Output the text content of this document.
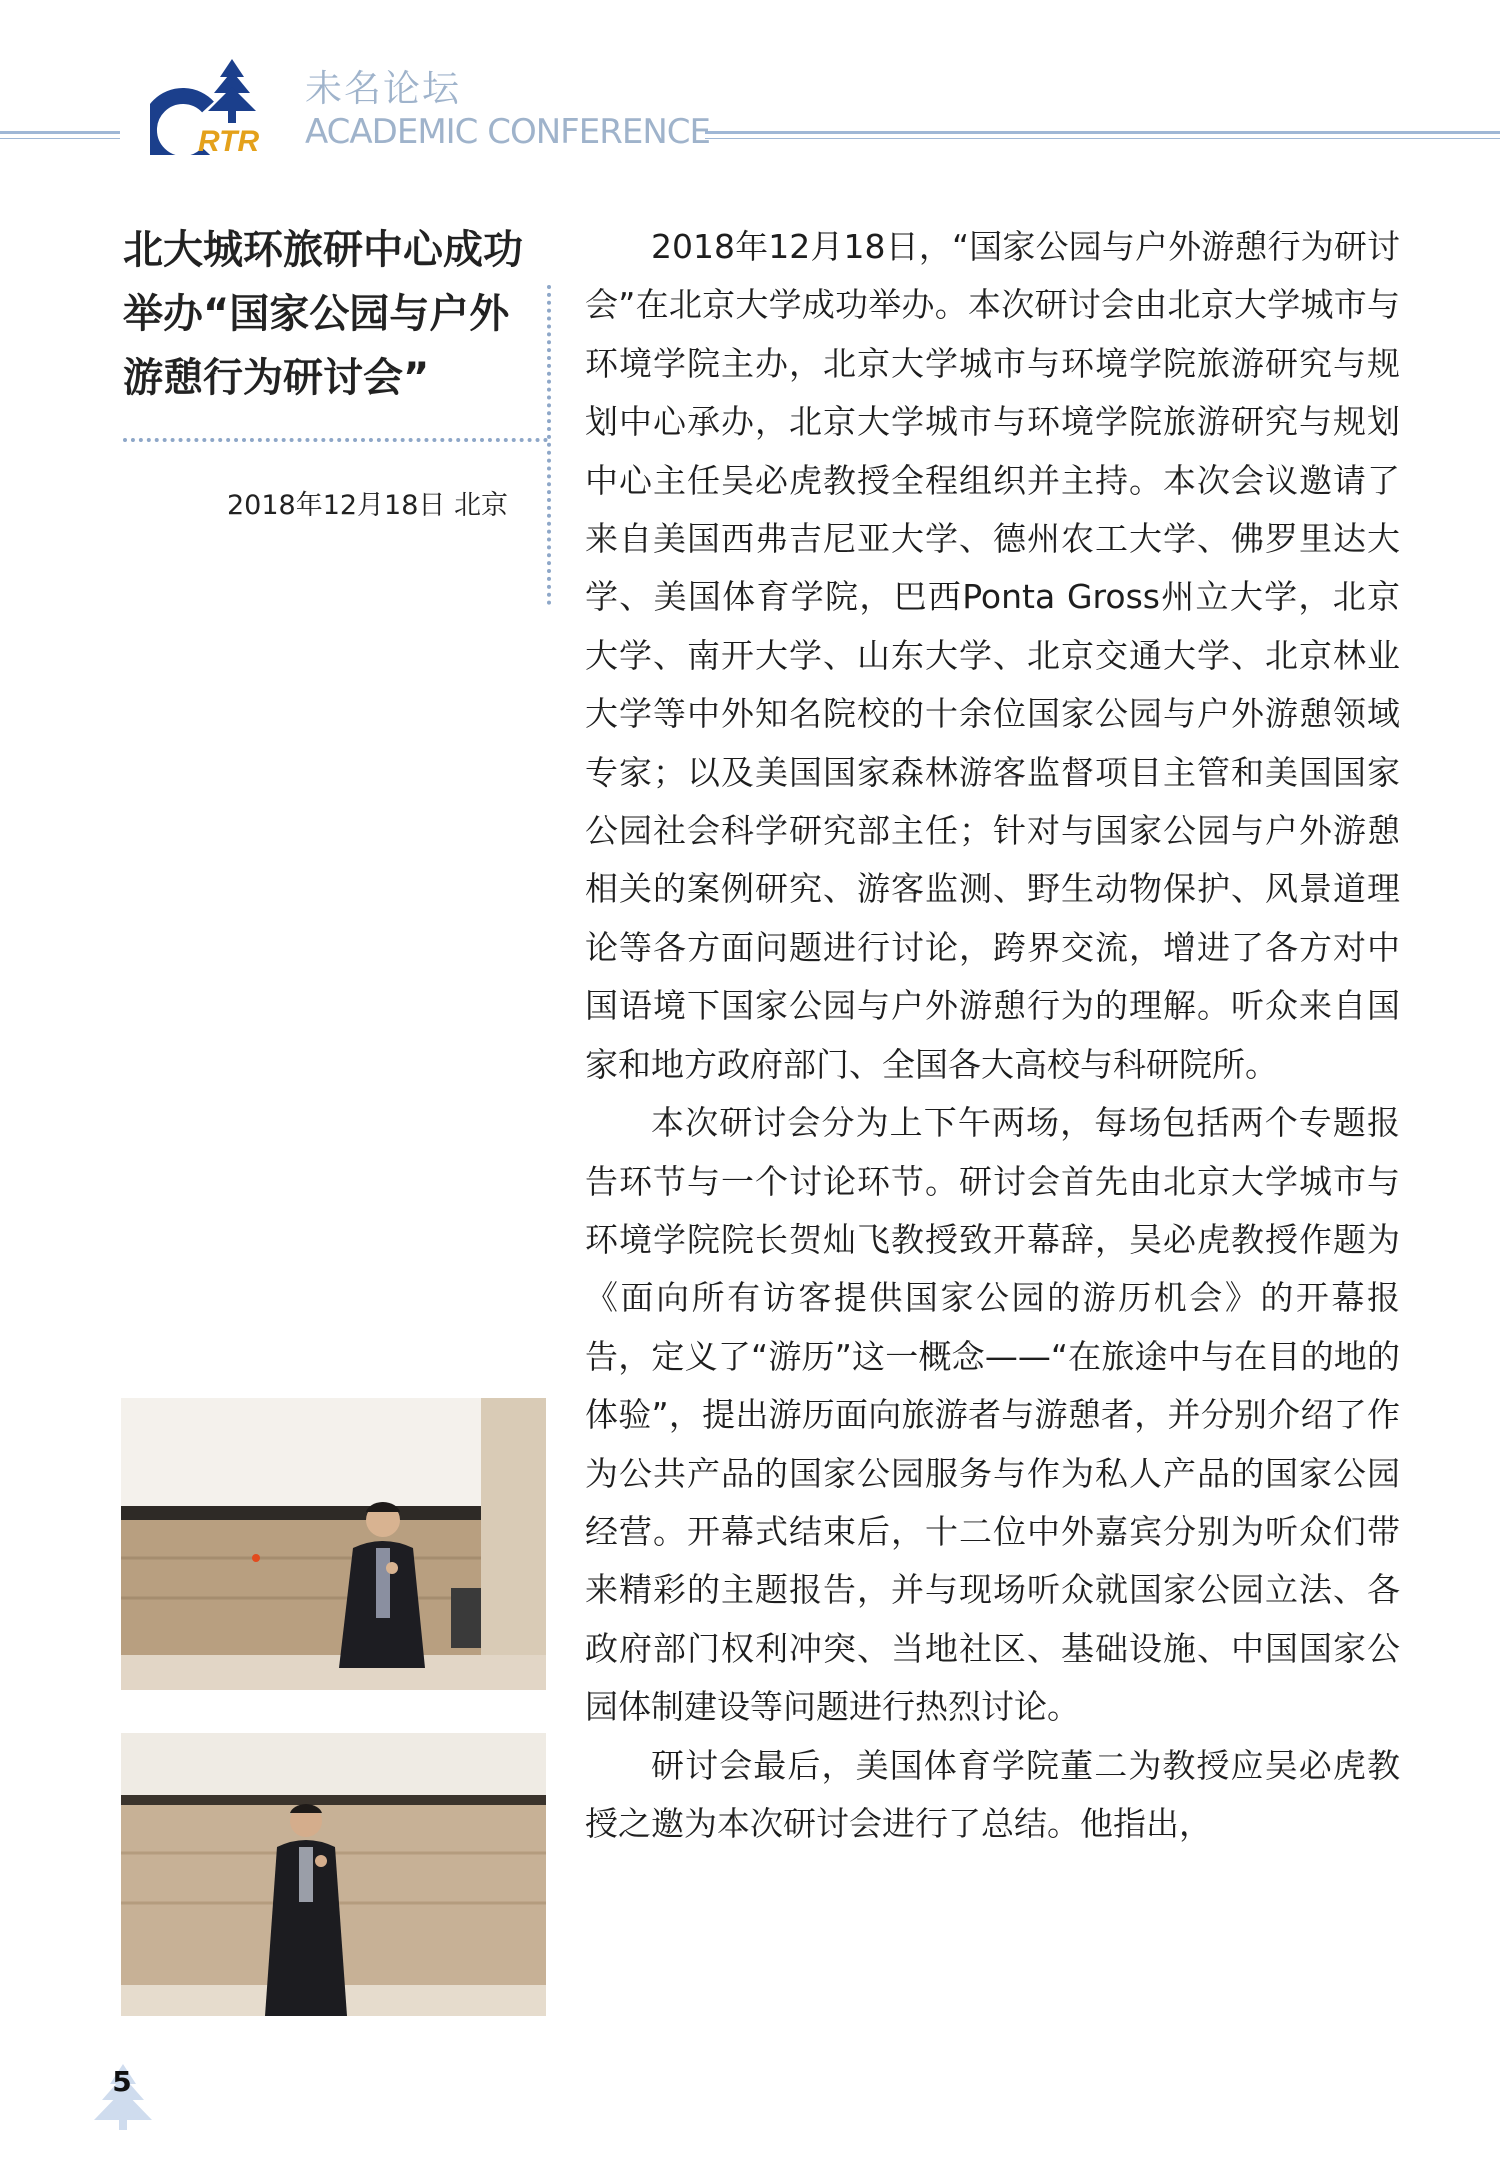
RTR
未名论坛
ACADEMIC CONFERENCE
北大城环旅研中心成功举办“国家公园与户外游憩行为研讨会”
2018年12月18日 北京

2018年12月18日，“国家公园与户外游憩行为研讨会”在北京大学成功举办。本次研讨会由北京大学城市与环境学院主办，北京大学城市与环境学院旅游研究与规划中心承办，北京大学城市与环境学院旅游研究与规划中心主任吴必虎教授全程组织并主持。本次会议邀请了来自美国西弗吉尼亚大学、德州农工大学、佛罗里达大学、美国体育学院，巴西Ponta Gross州立大学，北京大学、南开大学、山东大学、北京交通大学、北京林业大学等中外知名院校的十余位国家公园与户外游憩领域专家；以及美国国家森林游客监督项目主管和美国国家公园社会科学研究部主任；针对与国家公园与户外游憩相关的案例研究、游客监测、野生动物保护、风景道理论等各方面问题进行讨论，跨界交流，增进了各方对中国语境下国家公园与户外游憩行为的理解。听众来自国家和地方政府部门、全国各大高校与科研院所。

本次研讨会分为上下午两场，每场包括两个专题报告环节与一个讨论环节。研讨会首先由北京大学城市与环境学院院长贺灿飞教授致开幕辞，吴必虎教授作题为《面向所有访客提供国家公园的游历机会》的开幕报告，定义了“游历”这一概念——“在旅途中与在目的地的体验”，提出游历面向旅游者与游憩者，并分别介绍了作为公共产品的国家公园服务与作为私人产品的国家公园经营。开幕式结束后，十二位中外嘉宾分别为听众们带来精彩的主题报告，并与现场听众就国家公园立法、各政府部门权利冲突、当地社区、基础设施、中国国家公园体制建设等问题进行热烈讨论。

研讨会最后，美国体育学院董二为教授应吴必虎教授之邀为本次研讨会进行了总结。他指出，

5
